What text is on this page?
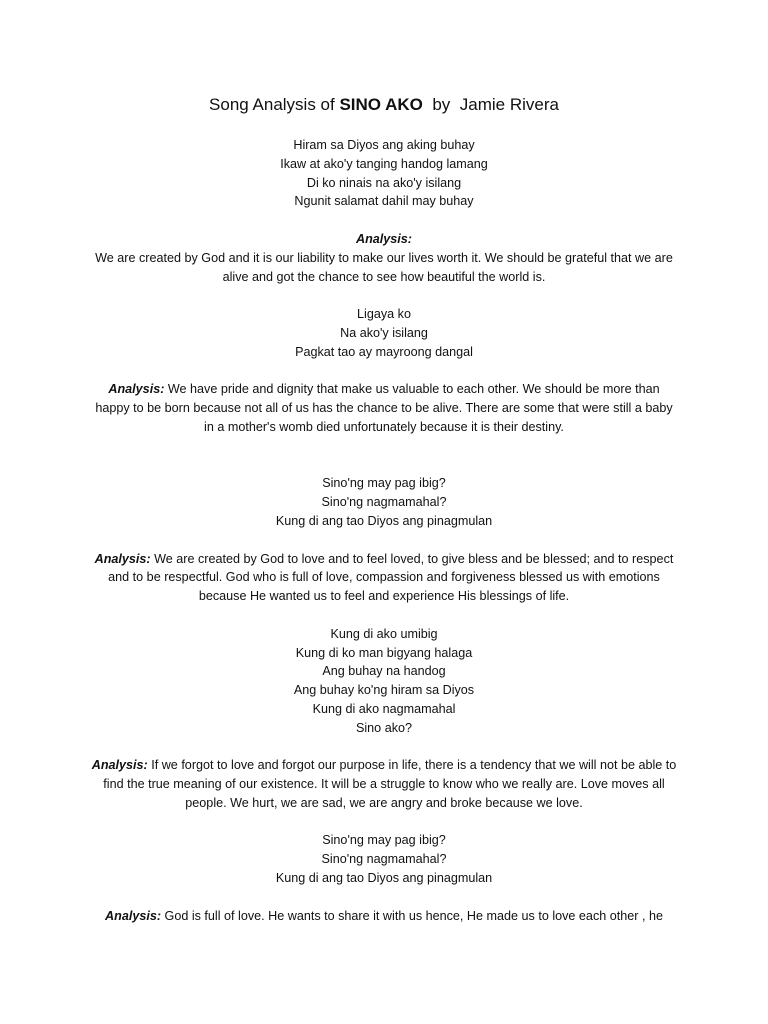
Song Analysis of SINO AKO  by  Jamie Rivera
Hiram sa Diyos ang aking buhay
Ikaw at ako'y tanging handog lamang
Di ko ninais na ako'y isilang
Ngunit salamat dahil may buhay
Analysis:
We are created by God and it is our liability to make our lives worth it. We should be grateful that we are alive and got the chance to see how beautiful the world is.
Ligaya ko
Na ako'y isilang
Pagkat tao ay mayroong dangal
Analysis: We have pride and dignity that make us valuable to each other. We should be more than happy to be born because not all of us has the chance to be alive. There are some that were still a baby in a mother's womb died unfortunately because it is their destiny.
Sino'ng may pag ibig?
Sino'ng nagmamahal?
Kung di ang tao Diyos ang pinagmulan
Analysis: We are created by God to love and to feel loved, to give bless and be blessed; and to respect and to be respectful. God who is full of love, compassion and forgiveness blessed us with emotions because He wanted us to feel and experience His blessings of life.
Kung di ako umibig
Kung di ko man bigyang halaga
Ang buhay na handog
Ang buhay ko'ng hiram sa Diyos
Kung di ako nagmamahal
Sino ako?
Analysis: If we forgot to love and forgot our purpose in life, there is a tendency that we will not be able to find the true meaning of our existence. It will be a struggle to know who we really are. Love moves all people. We hurt, we are sad, we are angry and broke because we love.
Sino'ng may pag ibig?
Sino'ng nagmamahal?
Kung di ang tao Diyos ang pinagmulan
Analysis: God is full of love. He wants to share it with us hence, He made us to love each other , he
